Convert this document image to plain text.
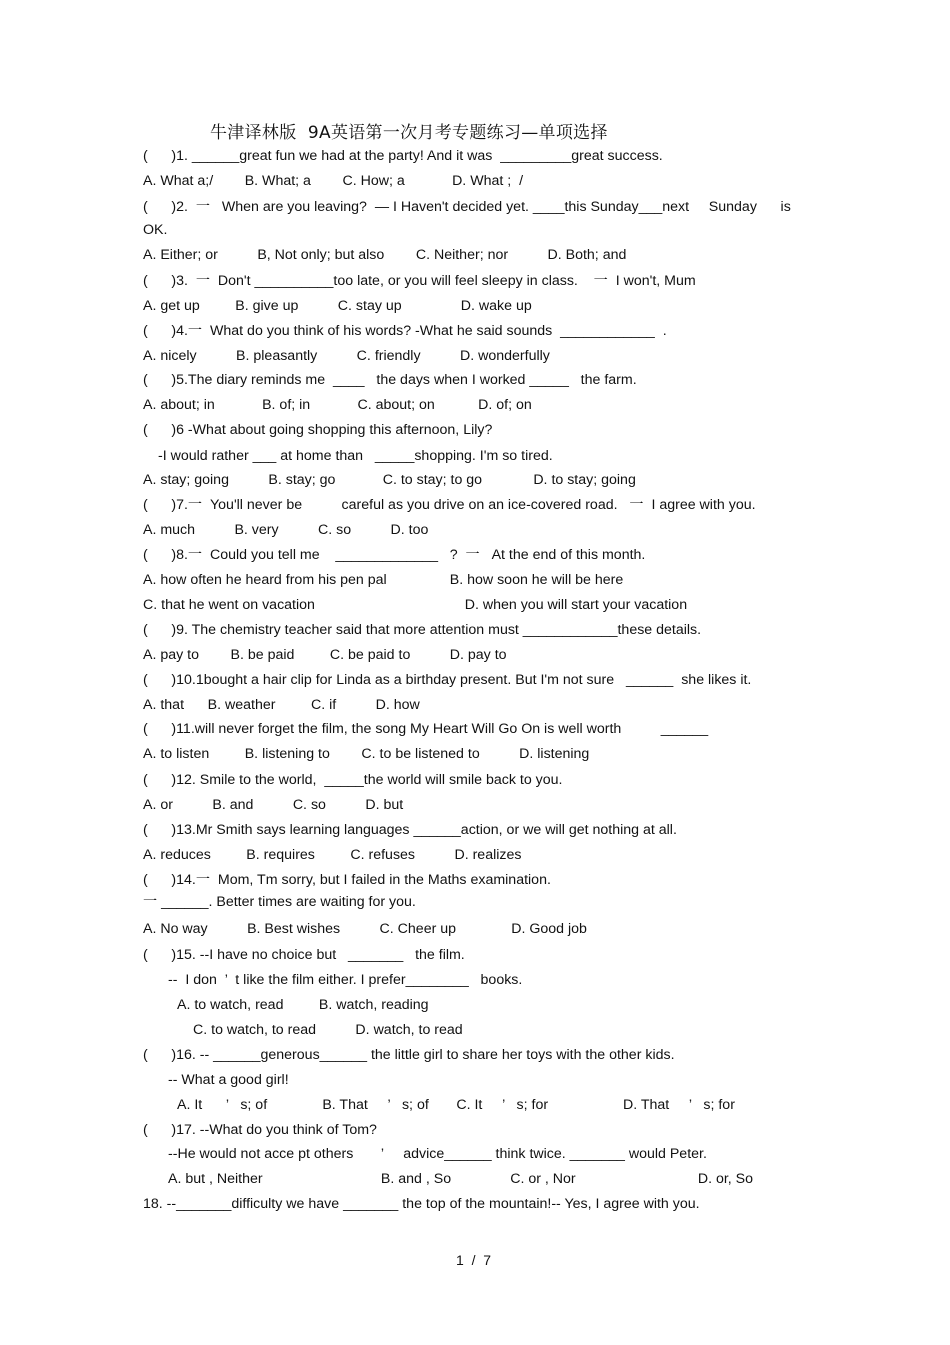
牛津译林版  9A英语第一次月考专题练习—单项选择
(      )1. ______great fun we had at the party! And it was  _________great success.
A. What a;/        B. What; a        C. How; a            D. What ;  /
(      )2.  一   When are you leaving?  — I Haven't decided yet. ____this Sunday___next     Sunday      is
OK.
A. Either; or          B, Not only; but also        C. Neither; nor          D. Both; and
(      )3.  一  Don't __________too late, or you will feel sleepy in class.    一  I won't, Mum
A. get up         B. give up          C. stay up               D. wake up
(      )4.一  What do you think of his words? -What he said sounds  ____________  .
A. nicely          B. pleasantly          C. friendly          D. wonderfully
(      )5.The diary reminds me  ____   the days when I worked _____   the farm.
A. about; in            B. of; in            C. about; on           D. of; on
(      )6 -What about going shopping this afternoon, Lily?
-I would rather ___ at home than   _____shopping. I'm so tired.
A. stay; going          B. stay; go            C. to stay; to go             D. to stay; going
(      )7.一  You'll never be          careful as you drive on an ice-covered road.   一  I agree with you.
A. much          B. very          C. so          D. too
(      )8.一  Could you tell me    _____________   ?  一   At the end of this month.
A. how often he heard from his pen pal                B. how soon he will be here
C. that he went on vacation                                      D. when you will start your vacation
(      )9. The chemistry teacher said that more attention must ____________these details.
A. pay to        B. be paid         C. be paid to          D. pay to
(      )10.1bought a hair clip for Linda as a birthday present. But I'm not sure   ______  she likes it.
A. that      B. weather         C. if          D. how
(      )11.will never forget the film, the song My Heart Will Go On is well worth          ______
A. to listen         B. listening to        C. to be listened to          D. listening
(      )12. Smile to the world,  _____the world will smile back to you.
A. or          B. and          C. so          D. but
(      )13.Mr Smith says learning languages ______action, or we will get nothing at all.
A. reduces         B. requires         C. refuses          D. realizes
(      )14.一  Mom, Tm sorry, but I failed in the Maths examination.
一 ______. Better times are waiting for you.
A. No way          B. Best wishes          C. Cheer up              D. Good job
(      )15. --I have no choice but   _______   the film.
--  I don  ’  t like the film either. I prefer________   books.
A. to watch, read         B. watch, reading
C. to watch, to read          D. watch, to read
(      )16. -- ______generous______ the little girl to share her toys with the other kids.
-- What a good girl!
A. It      ’   s; of              B. That     ’   s; of       C. It     ’   s; for                   D. That     ’   s; for
(      )17. --What do you think of Tom?
--He would not acce pt others       ’     advice______ think twice. _______ would Peter.
A. but , Neither                              B. and , So               C. or , Nor                               D. or, So
18. --_______difficulty we have _______ the top of the mountain!-- Yes, I agree with you.
1  /  7
